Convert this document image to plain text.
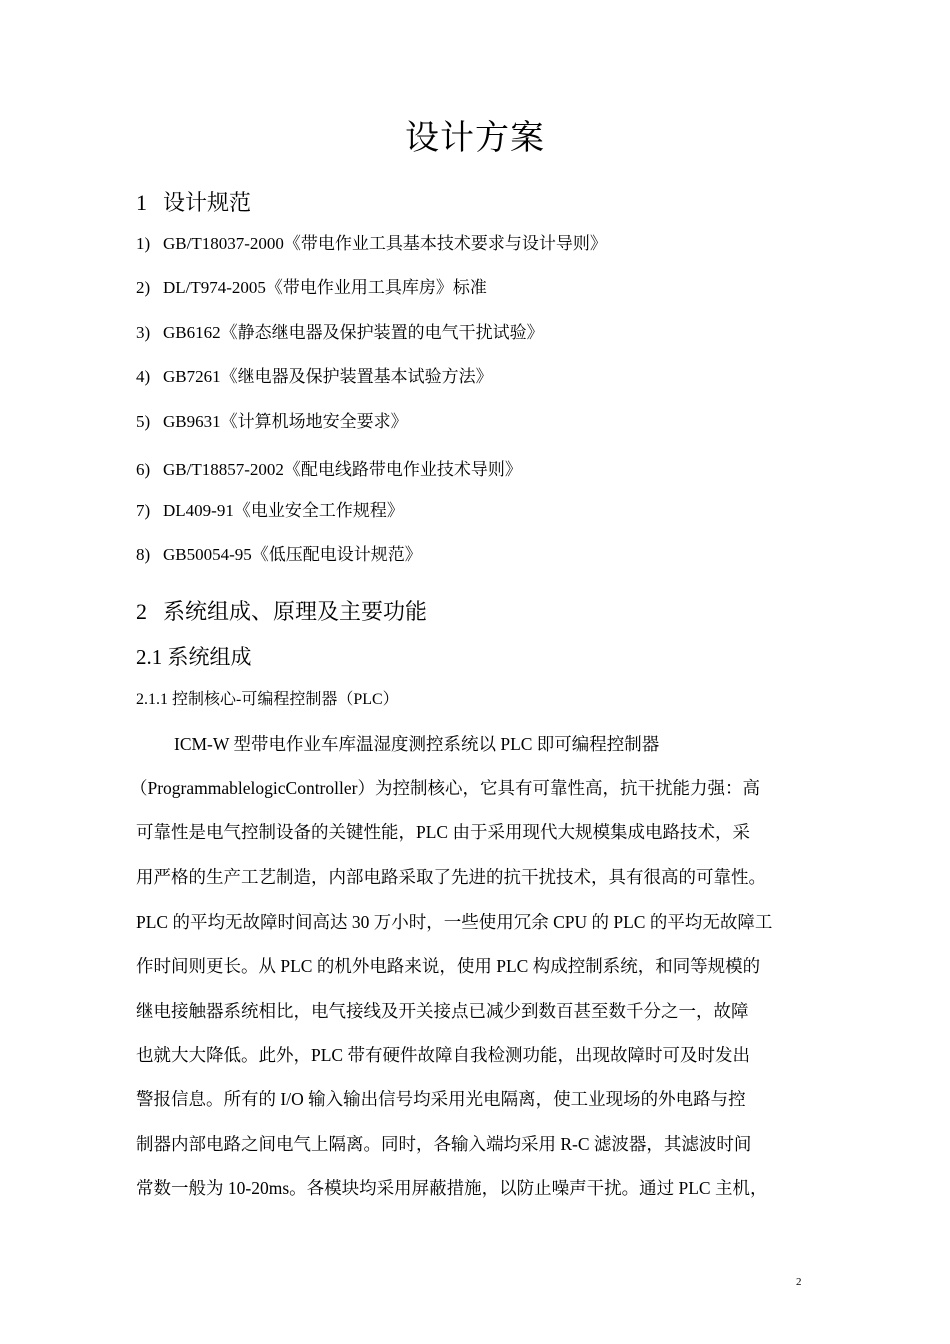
设计方案
1 设计规范
1) GB/T18037-2000《带电作业工具基本技术要求与设计导则》
2) DL/T974-2005《带电作业用工具库房》标准
3) GB6162《静态继电器及保护装置的电气干扰试验》
4) GB7261《继电器及保护装置基本试验方法》
5) GB9631《计算机场地安全要求》
6) GB/T18857-2002《配电线路带电作业技术导则》
7) DL409-91《电业安全工作规程》
8) GB50054-95《低压配电设计规范》
2 系统组成、原理及主要功能
2.1 系统组成
2.1.1 控制核心-可编程控制器（PLC）
ICM-W 型带电作业车库温湿度测控系统以 PLC 即可编程控制器
（ProgrammablelogicController）为控制核心，它具有可靠性高，抗干扰能力强：高
可靠性是电气控制设备的关键性能，PLC 由于采用现代大规模集成电路技术，采
用严格的生产工艺制造，内部电路采取了先进的抗干扰技术，具有很高的可靠性。
PLC 的平均无故障时间高达 30 万小时，一些使用冗余 CPU 的 PLC 的平均无故障工
作时间则更长。从 PLC 的机外电路来说，使用 PLC 构成控制系统，和同等规模的
继电接触器系统相比，电气接线及开关接点已减少到数百甚至数千分之一，故障
也就大大降低。此外，PLC 带有硬件故障自我检测功能，出现故障时可及时发出
警报信息。所有的 I/O 输入输出信号均采用光电隔离，使工业现场的外电路与控
制器内部电路之间电气上隔离。同时，各输入端均采用 R-C 滤波器，其滤波时间
常数一般为 10-20ms。各模块均采用屏蔽措施，以防止噪声干扰。通过 PLC 主机，
2
